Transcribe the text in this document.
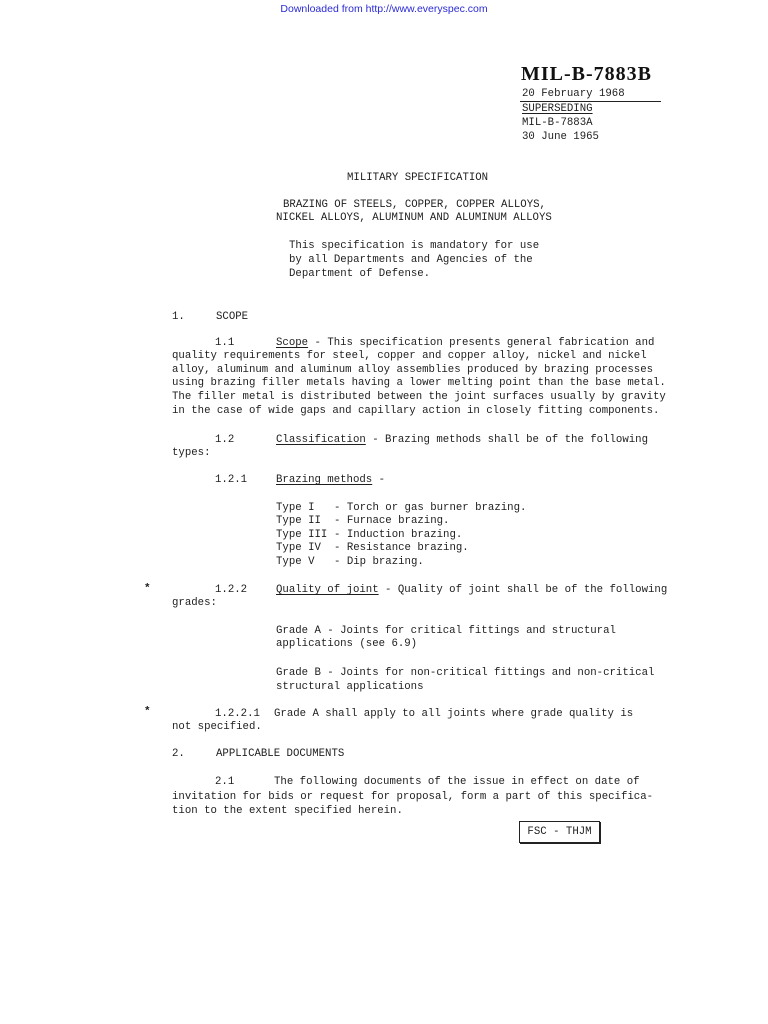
Downloaded from http://www.everyspec.com
MIL-B-7883B
20 February 1968
SUPERSEDING
MIL-B-7883A
30 June 1965
MILITARY SPECIFICATION
BRAZING OF STEELS, COPPER, COPPER ALLOYS,
NICKEL ALLOYS, ALUMINUM AND ALUMINUM ALLOYS
This specification is mandatory for use
by all Departments and Agencies of the
Department of Defense.
1.	SCOPE
1.1	Scope - This specification presents general fabrication and
quality requirements for steel, copper and copper alloy, nickel and nickel
alloy, aluminum and aluminum alloy assemblies produced by brazing processes
using brazing filler metals having a lower melting point than the base metal.
The filler metal is distributed between the joint surfaces usually by gravity
in the case of wide gaps and capillary action in closely fitting components.
1.2	Classification - Brazing methods shall be of the following
types:
1.2.1	Brazing methods -
Type I - Torch or gas burner brazing.
Type II - Furnace brazing.
Type III - Induction brazing.
Type IV - Resistance brazing.
Type V - Dip brazing.
*	1.2.2	Quality of joint - Quality of joint shall be of the following
grades:
Grade A - Joints for critical fittings and structural
applications (see 6.9)
Grade B - Joints for non-critical fittings and non-critical
structural applications
*	1.2.2.1 Grade A shall apply to all joints where grade quality is
not specified.
2.	APPLICABLE DOCUMENTS
2.1	The following documents of the issue in effect on date of
invitation for bids or request for proposal, form a part of this specifica-
tion to the extent specified herein.
FSC - THJM
